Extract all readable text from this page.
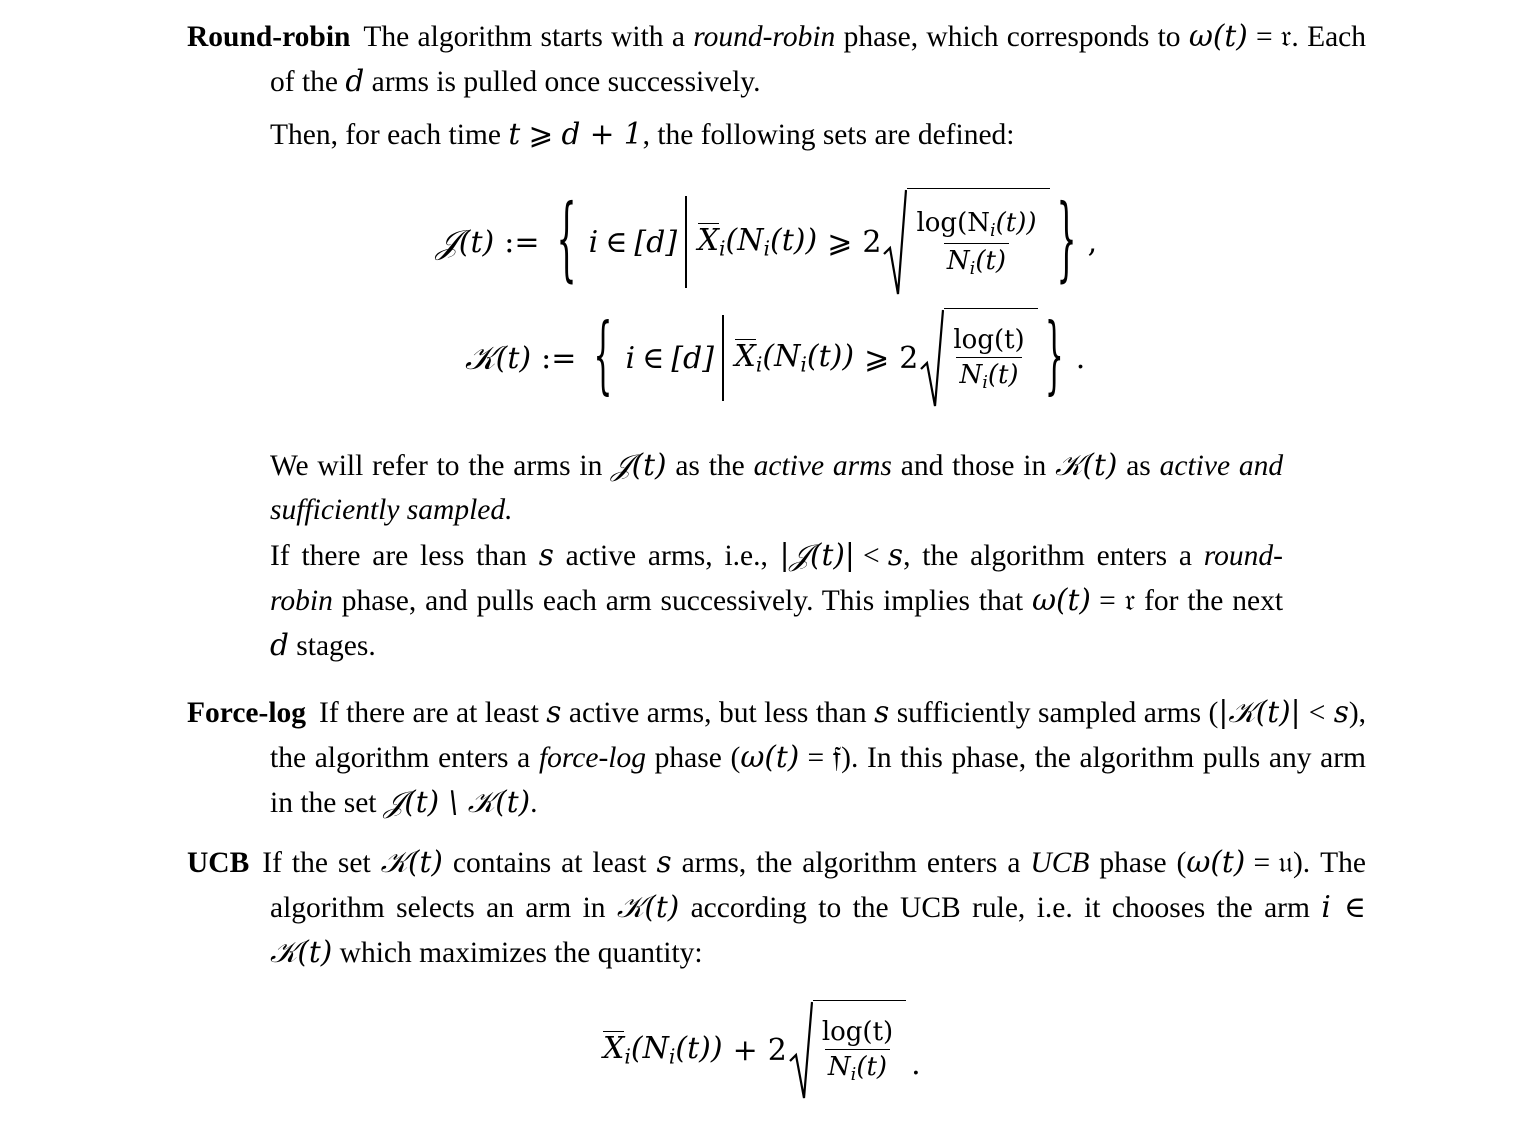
Round-robin The algorithm starts with a round-robin phase, which corresponds to ω(t) = 𝔯. Each of the d arms is pulled once successively.
Then, for each time t ⩾ d + 1, the following sets are defined:
𝒥 (t) := { i ∈ [d] $X_i(N_i(t))$ ⩾ $2 \frac{\log(N_i(t))}{N_i(t)}$ } ,
𝒦 (t) := { i ∈ [d] $X_i(N_i(t))$ ⩾ $2 \frac{\log(t)}{N_i(t)}$ } .
We will refer to the arms in 𝒥(t) as the active arms and those in 𝒦(t) as active and sufficiently sampled.
If there are less than s active arms, i.e., |𝒥(t)| < s, the algorithm enters a round-robin phase, and pulls each arm successively. This implies that ω(t) = 𝔯 for the next d stages.
Force-log If there are at least s active arms, but less than s sufficiently sampled arms (|𝒦(t)| < s), the algorithm enters a force-log phase (ω(t) = 𝔣). In this phase, the algorithm pulls any arm in the set 𝒥(t) \ 𝒦(t).
UCB If the set 𝒦(t) contains at least s arms, the algorithm enters a UCB phase (ω(t) = 𝔲). The algorithm selects an arm in 𝒦(t) according to the UCB rule, i.e. it chooses the arm i ∈ 𝒦(t) which maximizes the quantity:
$X_i(N_i(t)) + 2 \frac{\log(t)}{N_i(t)}$ .
